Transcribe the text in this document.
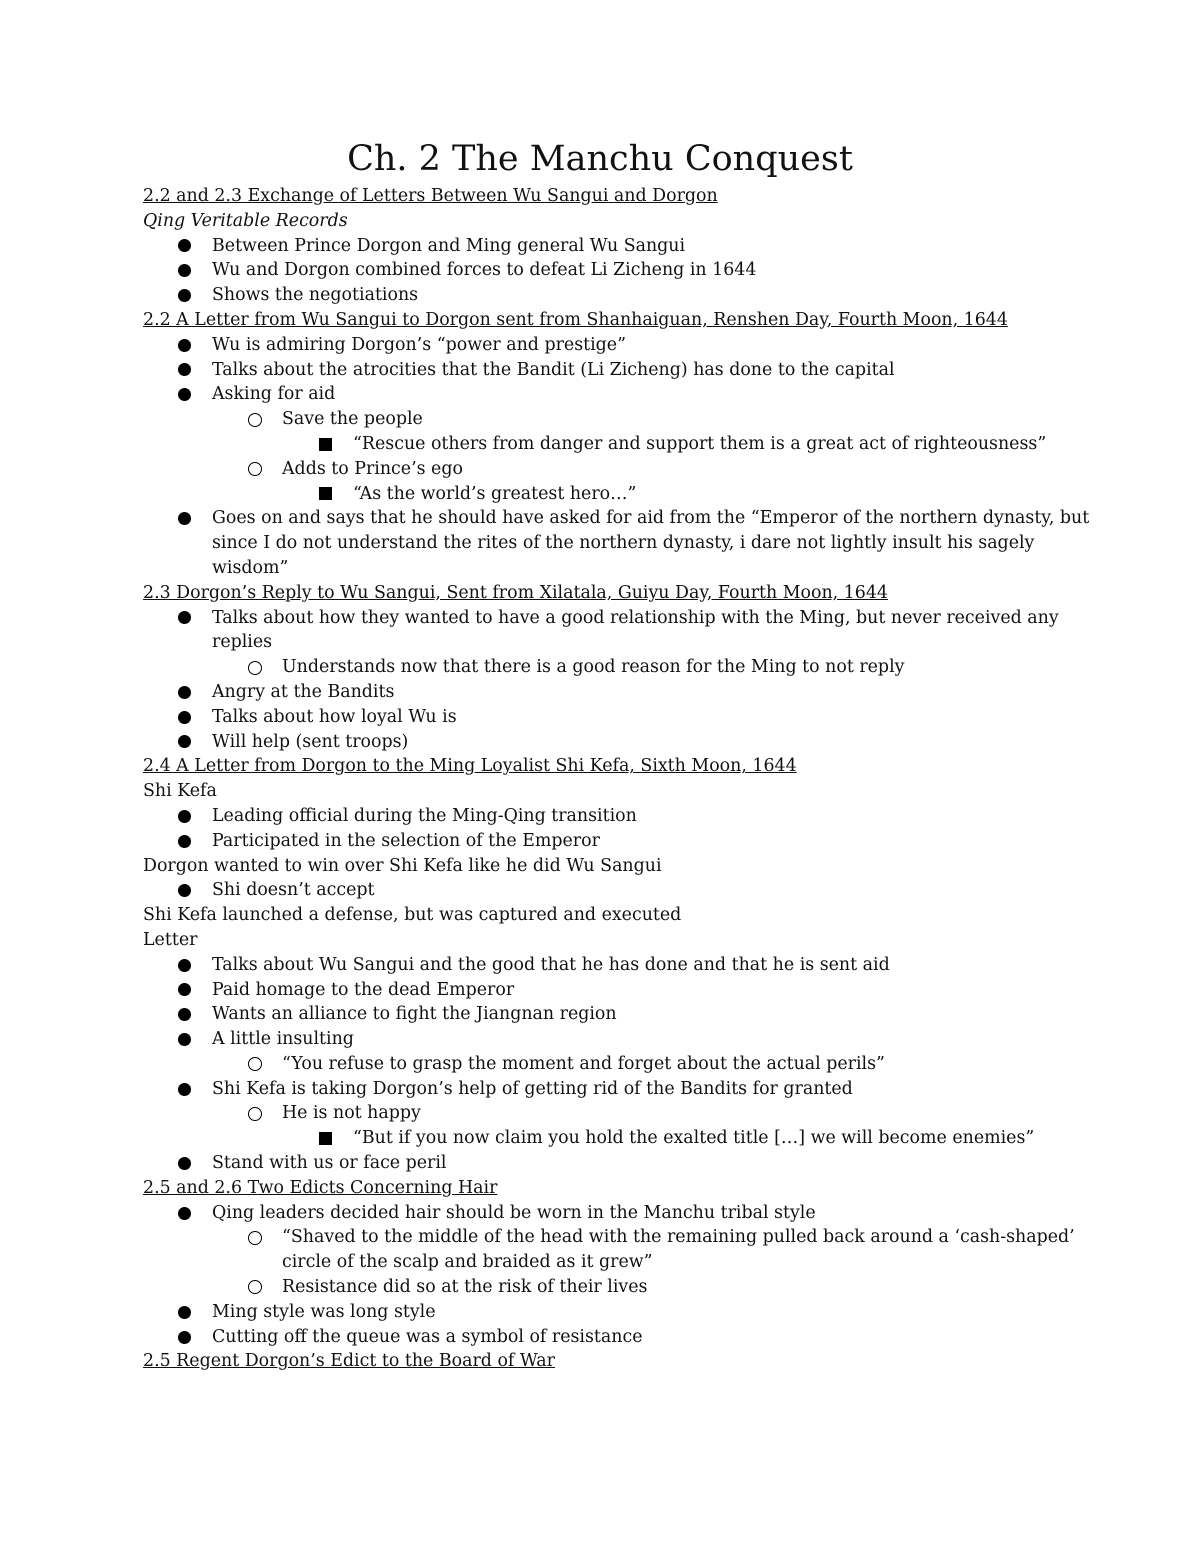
Ch. 2 The Manchu Conquest
2.2 and 2.3 Exchange of Letters Between Wu Sangui and Dorgon
Qing Veritable Records
Between Prince Dorgon and Ming general Wu Sangui
Wu and Dorgon combined forces to defeat Li Zicheng in 1644
Shows the negotiations
2.2 A Letter from Wu Sangui to Dorgon sent from Shanhaiguan, Renshen Day, Fourth Moon, 1644
Wu is admiring Dorgon’s “power and prestige”
Talks about the atrocities that the Bandit (Li Zicheng) has done to the capital
Asking for aid
Save the people
“Rescue others from danger and support them is a great act of righteousness”
Adds to Prince’s ego
“As the world’s greatest hero…”
Goes on and says that he should have asked for aid from the “Emperor of the northern dynasty, but since I do not understand the rites of the northern dynasty, i dare not lightly insult his sagely wisdom”
2.3 Dorgon’s Reply to Wu Sangui, Sent from Xilatala, Guiyu Day, Fourth Moon, 1644
Talks about how they wanted to have a good relationship with the Ming, but never received any replies
Understands now that there is a good reason for the Ming to not reply
Angry at the Bandits
Talks about how loyal Wu is
Will help (sent troops)
2.4 A Letter from Dorgon to the Ming Loyalist Shi Kefa, Sixth Moon, 1644
Shi Kefa
Leading official during the Ming-Qing transition
Participated in the selection of the Emperor
Dorgon wanted to win over Shi Kefa like he did Wu Sangui
Shi doesn’t accept
Shi Kefa launched a defense, but was captured and executed
Letter
Talks about Wu Sangui and the good that he has done and that he is sent aid
Paid homage to the dead Emperor
Wants an alliance to fight the Jiangnan region
A little insulting
“You refuse to grasp the moment and forget about the actual perils”
Shi Kefa is taking Dorgon’s help of getting rid of the Bandits for granted
He is not happy
“But if you now claim you hold the exalted title […] we will become enemies”
Stand with us or face peril
2.5 and 2.6 Two Edicts Concerning Hair
Qing leaders decided hair should be worn in the Manchu tribal style
“Shaved to the middle of the head with the remaining pulled back around a ‘cash-shaped’ circle of the scalp and braided as it grew”
Resistance did so at the risk of their lives
Ming style was long style
Cutting off the queue was a symbol of resistance
2.5 Regent Dorgon’s Edict to the Board of War
